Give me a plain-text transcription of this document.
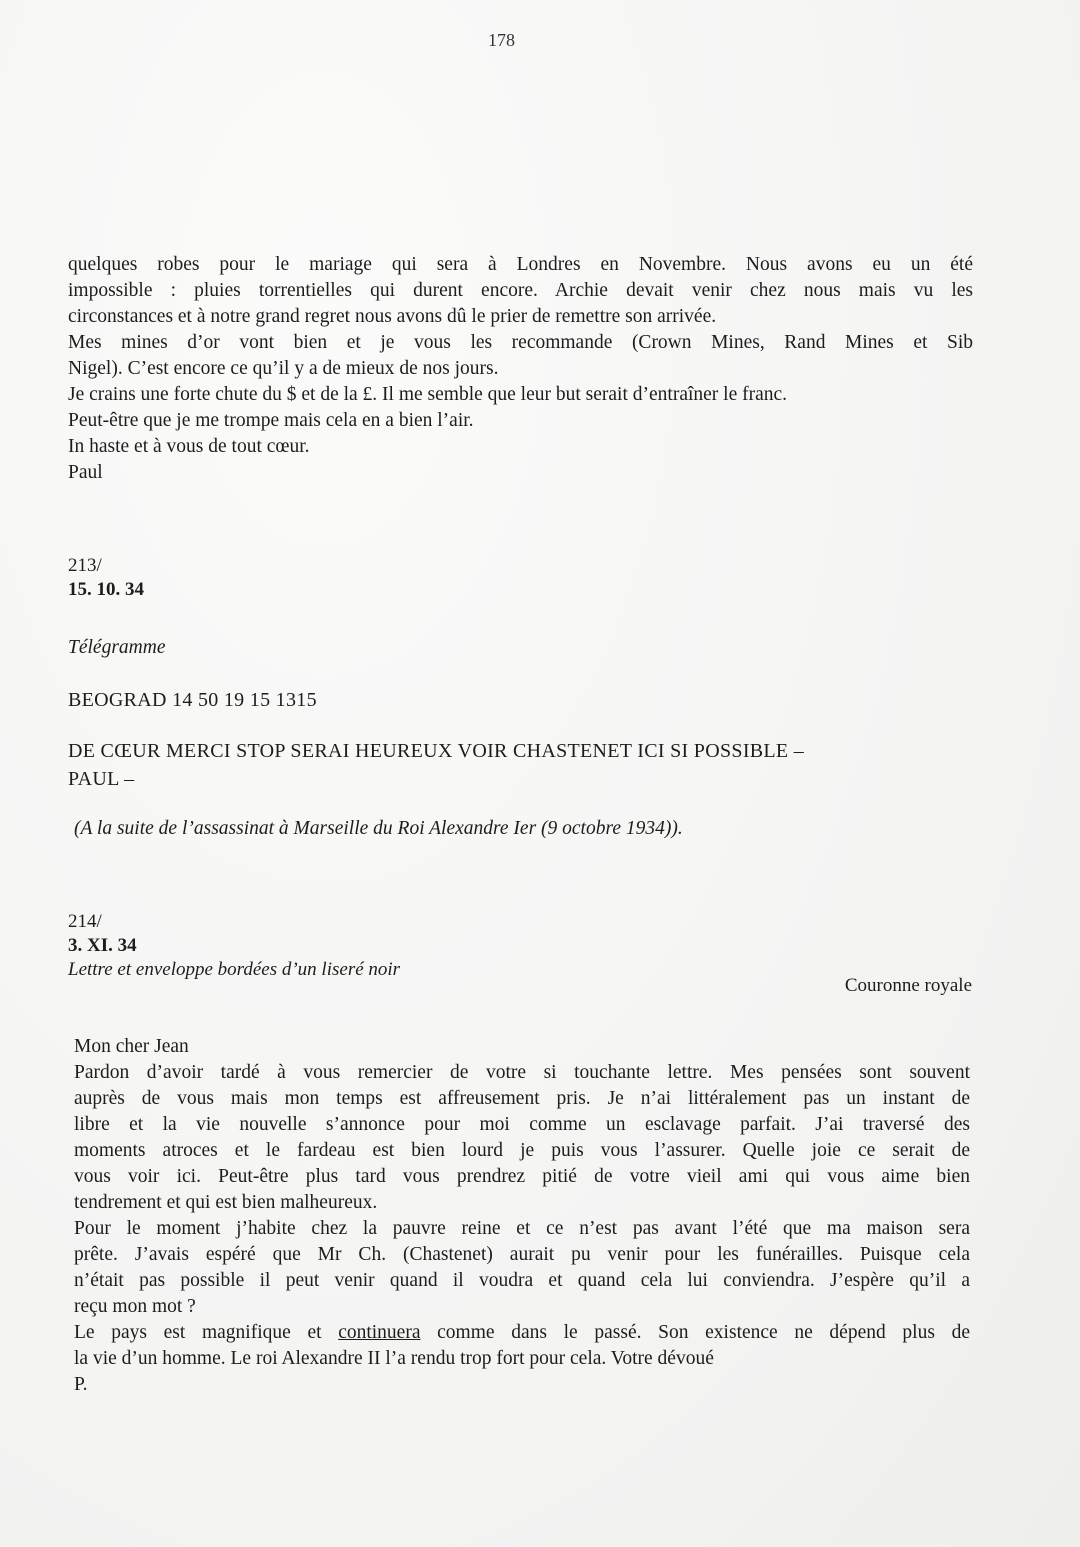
178
quelques robes pour le mariage qui sera à Londres en Novembre. Nous avons eu un été
impossible : pluies torrentielles qui durent encore. Archie devait venir chez nous mais vu les
circonstances et à notre grand regret nous avons dû le prier de remettre son arrivée.
Mes mines d’or vont bien et je vous les recommande (Crown Mines, Rand Mines et Sib
Nigel). C’est encore ce qu’il y a de mieux de nos jours.
Je crains une forte chute du $ et de la £. Il me semble que leur but serait d’entraîner le franc.
Peut-être que je me trompe mais cela en a bien l’air.
In haste et à vous de tout cœur.
Paul
213/
15. 10. 34
Télégramme
BEOGRAD 14 50 19 15 1315
DE CŒUR MERCI STOP SERAI HEUREUX VOIR CHASTENET ICI SI POSSIBLE –
PAUL –
(A la suite de l’assassinat à Marseille du Roi Alexandre Ier (9 octobre 1934)).
214/
3. XI. 34
Lettre et enveloppe bordées d’un liseré noir
Couronne royale
Mon cher Jean
Pardon d’avoir tardé à vous remercier de votre si touchante lettre. Mes pensées sont souvent
auprès de vous mais mon temps est affreusement pris. Je n’ai littéralement pas un instant de
libre et la vie nouvelle s’annonce pour moi comme un esclavage parfait. J’ai traversé des
moments atroces et le fardeau est bien lourd je puis vous l’assurer. Quelle joie ce serait de
vous voir ici. Peut-être plus tard vous prendrez pitié de votre vieil ami qui vous aime bien
tendrement et qui est bien malheureux.
Pour le moment j’habite chez la pauvre reine et ce n’est pas avant l’été que ma maison sera
prête. J’avais espéré que Mr Ch. (Chastenet) aurait pu venir pour les funérailles. Puisque cela
n’était pas possible il peut venir quand il voudra et quand cela lui conviendra. J’espère qu’il a
reçu mon mot ?
Le pays est magnifique et continuera comme dans le passé. Son existence ne dépend plus de
la vie d’un homme. Le roi Alexandre II l’a rendu trop fort pour cela. Votre dévoué
P.
